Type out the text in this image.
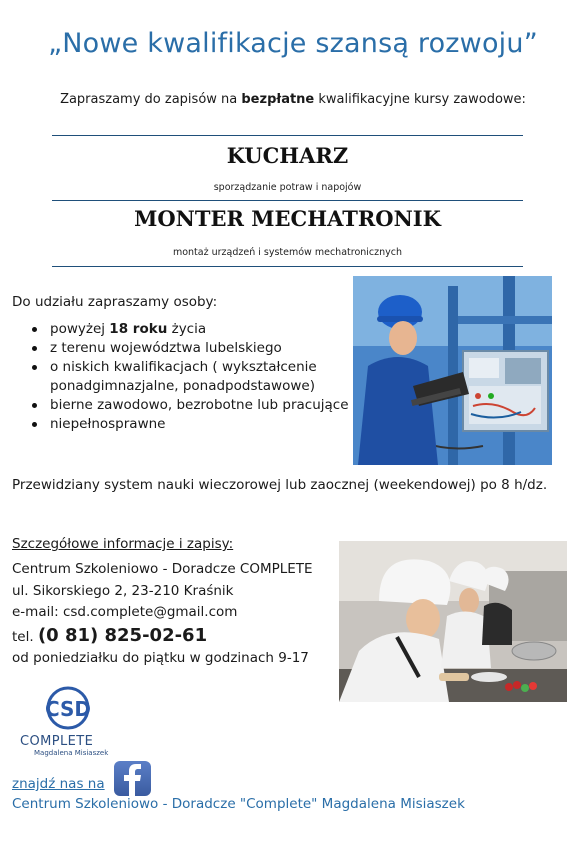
„Nowe kwalifikacje szansą rozwoju”
Zapraszamy do zapisów na bezpłatne kwalifikacyjne kursy zawodowe:
KUCHARZ
sporządzanie potraw i napojów
MONTER MECHATRONIK
montaż urządzeń i systemów mechatronicznych
Do udziału zapraszamy osoby:
powyżej 18 roku życia
z terenu województwa lubelskiego
o niskich kwalifikacjach ( wykształcenie ponadgimnazjalne, ponadpodstawowe)
bierne zawodowo, bezrobotne lub pracujące
niepełnosprawne
Przewidziany system nauki wieczorowej lub zaocznej (weekendowej) po 8 h/dz.
Szczegółowe informacje i zapisy:
Centrum Szkoleniowo - Doradcze COMPLETE
ul. Sikorskiego 2, 23-210 Kraśnik
e-mail: csd.complete@gmail.com
tel. (0 81) 825-02-61
od poniedziałku do piątku w godzinach 9-17
CSD
COMPLETE
Magdalena Misiaszek
znajdź nas na
Centrum Szkoleniowo - Doradcze "Complete" Magdalena Misiaszek
